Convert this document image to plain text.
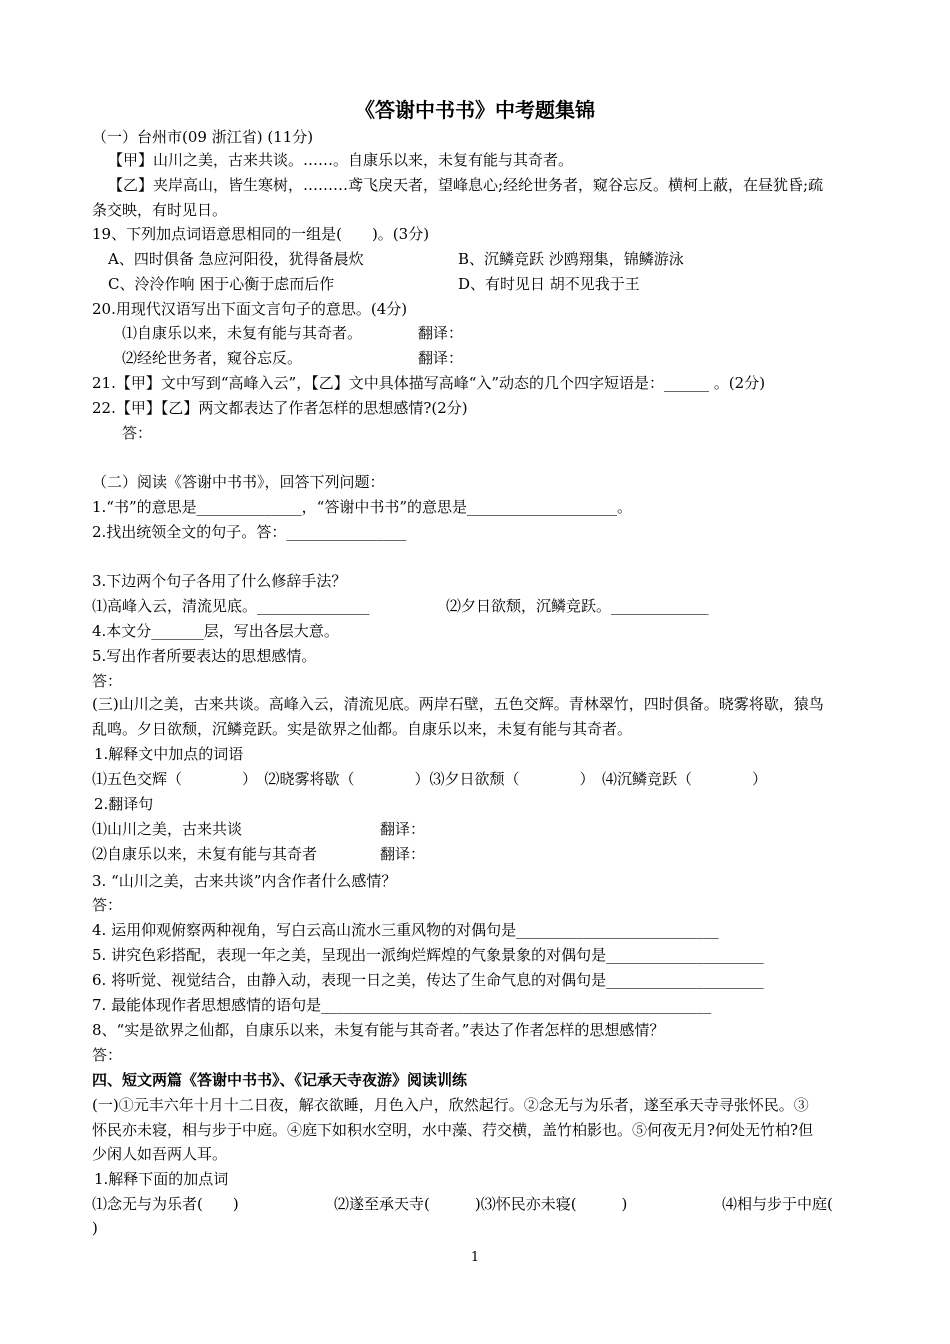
《答谢中书书》中考题集锦
（一）台州市(09 浙江省) (11分)
【甲】山川之美，古来共谈。……。自康乐以来，未复有能与其奇者。
【乙】夹岸高山，皆生寒树，………鸢飞戾天者，望峰息心;经纶世务者，窥谷忘反。横柯上蔽，在昼犹昏;疏
条交映，有时见日。
19、下列加点词语意思相同的一组是(　　)。(3分)
A、四时俱备 急应河阳役，犹得备晨炊	B、沉鳞竞跃 沙鸥翔集，锦鳞游泳
C、泠泠作响 困于心衡于虑而后作	D、有时见日 胡不见我于王
20.用现代汉语写出下面文言句子的意思。(4分)
⑴自康乐以来，未复有能与其奇者。	翻译：
⑵经纶世务者，窥谷忘反。	翻译：
21.【甲】文中写到“高峰入云”，【乙】文中具体描写高峰“入”动态的几个四字短语是：______ 。(2分)
22.【甲】【乙】两文都表达了作者怎样的思想感情?(2分)
答：
（二）阅读《答谢中书书》，回答下列问题：
1.“书”的意思是______________，“答谢中书书”的意思是____________________。
2.找出统领全文的句子。答：________________
3.下边两个句子各用了什么修辞手法？
⑴高峰入云，清流见底。_______________	⑵夕日欲颓，沉鳞竞跃。_____________
4.本文分_______层，写出各层大意。
5.写出作者所要表达的思想感情。
答：
(三)山川之美，古来共谈。高峰入云，清流见底。两岸石壁，五色交辉。青林翠竹，四时俱备。晓雾将歇，猿鸟
乱鸣。夕日欲颓，沉鳞竞跃。实是欲界之仙都。自康乐以来，未复有能与其奇者。
1.解释文中加点的词语
⑴五色交辉（　　　　）　⑵晓雾将歇（　　　　）⑶夕日欲颓（　　　　）　⑷沉鳞竞跃（　　　　）
2.翻译句
⑴山川之美，古来共谈	翻译：
⑵自康乐以来，未复有能与其奇者	翻译：
3. “山川之美，古来共谈”内含作者什么感情？
答：
4. 运用仰观俯察两种视角，写白云高山流水三重风物的对偶句是___________________________
5. 讲究色彩搭配，表现一年之美，呈现出一派绚烂辉煌的气象景象的对偶句是_____________________
6. 将听觉、视觉结合，由静入动，表现一日之美，传达了生命气息的对偶句是_____________________
7. 最能体现作者思想感情的语句是____________________________________________________
8、“实是欲界之仙都，自康乐以来，未复有能与其奇者。”表达了作者怎样的思想感情？
答：
四、短文两篇《答谢中书书》、《记承天寺夜游》阅读训练
(一)①元丰六年十月十二日夜，解衣欲睡，月色入户，欣然起行。②念无与为乐者，遂至承天寺寻张怀民。③
怀民亦未寝，相与步于中庭。④庭下如积水空明，水中藻、荇交横，盖竹柏影也。⑤何夜无月?何处无竹柏?但
少闲人如吾两人耳。
1.解释下面的加点词
⑴念无与为乐者(　　)	⑵遂至承天寺(　　　)⑶怀民亦未寝(　　　)	⑷相与步于中庭(
)
1
